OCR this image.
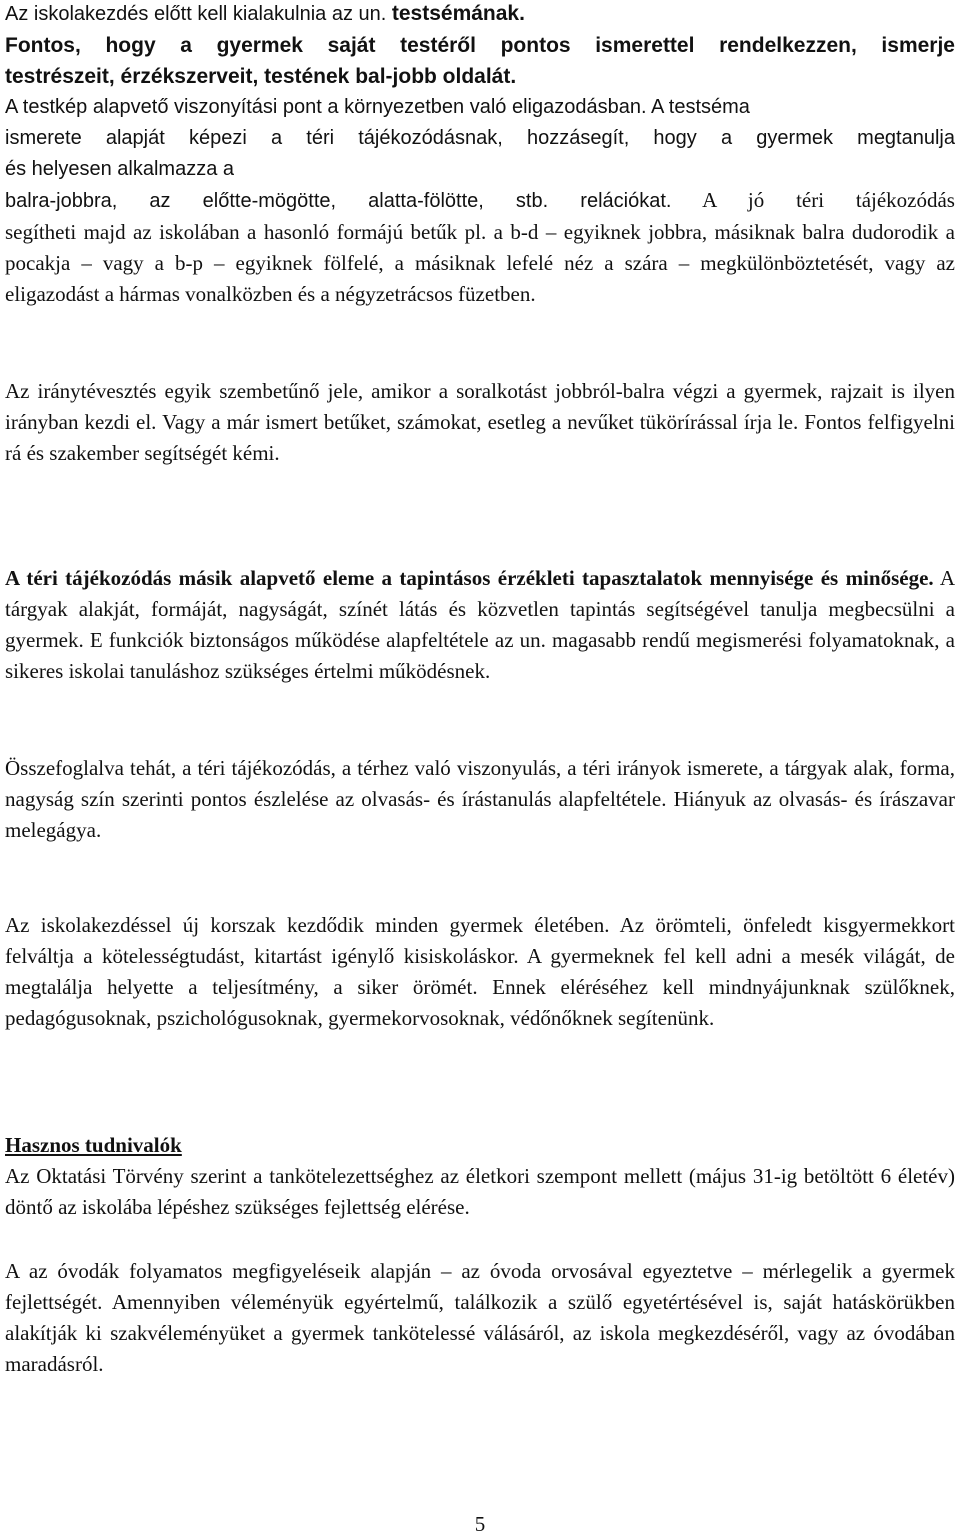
Az iskolakezdés előtt kell kialakulnia az un. testsémának.
Fontos, hogy a gyermek saját testéről pontos ismerettel rendelkezzen, ismerje
testrészeit, érzékszerveit, testének bal-jobb oldalát.
A testkép alapvető viszonyítási pont a környezetben való eligazodásban. A testséma
ismerete alapját képezi a téri tájékozódásnak, hozzásegít, hogy a gyermek megtanulja
és helyesen alkalmazza a
balra-jobbra, az előtte-mögötte, alatta-fölötte, stb. relációkat. A jó téri tájékozódás
segítheti majd az iskolában a hasonló formájú betűk pl. a b-d – egyiknek jobbra, másiknak balra dudorodik a pocakja – vagy a b-p – egyiknek fölfelé, a másiknak lefelé néz a szára – megkülönböztetését, vagy az eligazodást a hármas vonalközben és a négyzetrácsos füzetben.

Az iránytévesztés egyik szembetűnő jele, amikor a soralkotást jobbról-balra végzi a gyermek, rajzait is ilyen irányban kezdi el. Vagy a már ismert betűket, számokat, esetleg a nevűket tükörírással írja le. Fontos felfigyelni rá és szakember segítségét kémi.

A téri tájékozódás másik alapvető eleme a tapintásos érzékleti tapasztalatok mennyisége és minősége. A tárgyak alakját, formáját, nagyságát, színét látás és közvetlen tapintás segítségével tanulja megbecsülni a gyermek. E funkciók biztonságos működése alapfeltétele az un. magasabb rendű megismerési folyamatoknak, a sikeres iskolai tanuláshoz szükséges értelmi működésnek.

Összefoglalva tehát, a téri tájékozódás, a térhez való viszonyulás, a téri irányok ismerete, a tárgyak alak, forma, nagyság szín szerinti pontos észlelése az olvasás- és írástanulás alapfeltétele. Hiányuk az olvasás- és írászavar melegágya.

Az iskolakezdéssel új korszak kezdődik minden gyermek életében. Az örömteli, önfeledt kisgyermekkort felváltja a kötelességtudást, kitartást igénylő kisiskoláskor. A gyermeknek fel kell adni a mesék világát, de megtalálja helyette a teljesítmény, a siker örömét. Ennek eléréséhez kell mindnyájunknak szülőknek, pedagógusoknak, pszichológusoknak, gyermekorvosoknak, védőnőknek segítenünk.

Hasznos tudnivalók
Az Oktatási Törvény szerint a tankötelezettséghez az életkori szempont mellett (május 31-ig betöltött 6 életév) döntő az iskolába lépéshez szükséges fejlettség elérése.

A az óvodák folyamatos megfigyeléseik alapján – az óvoda orvosával egyeztetve – mérlegelik a gyermek fejlettségét. Amennyiben véleményük egyértelmű, találkozik a szülő egyetértésével is, saját hatáskörükben alakítják ki szakvéleményüket a gyermek tankötelessé válásáról, az iskola megkezdéséről, vagy az óvodában maradásról.

5
